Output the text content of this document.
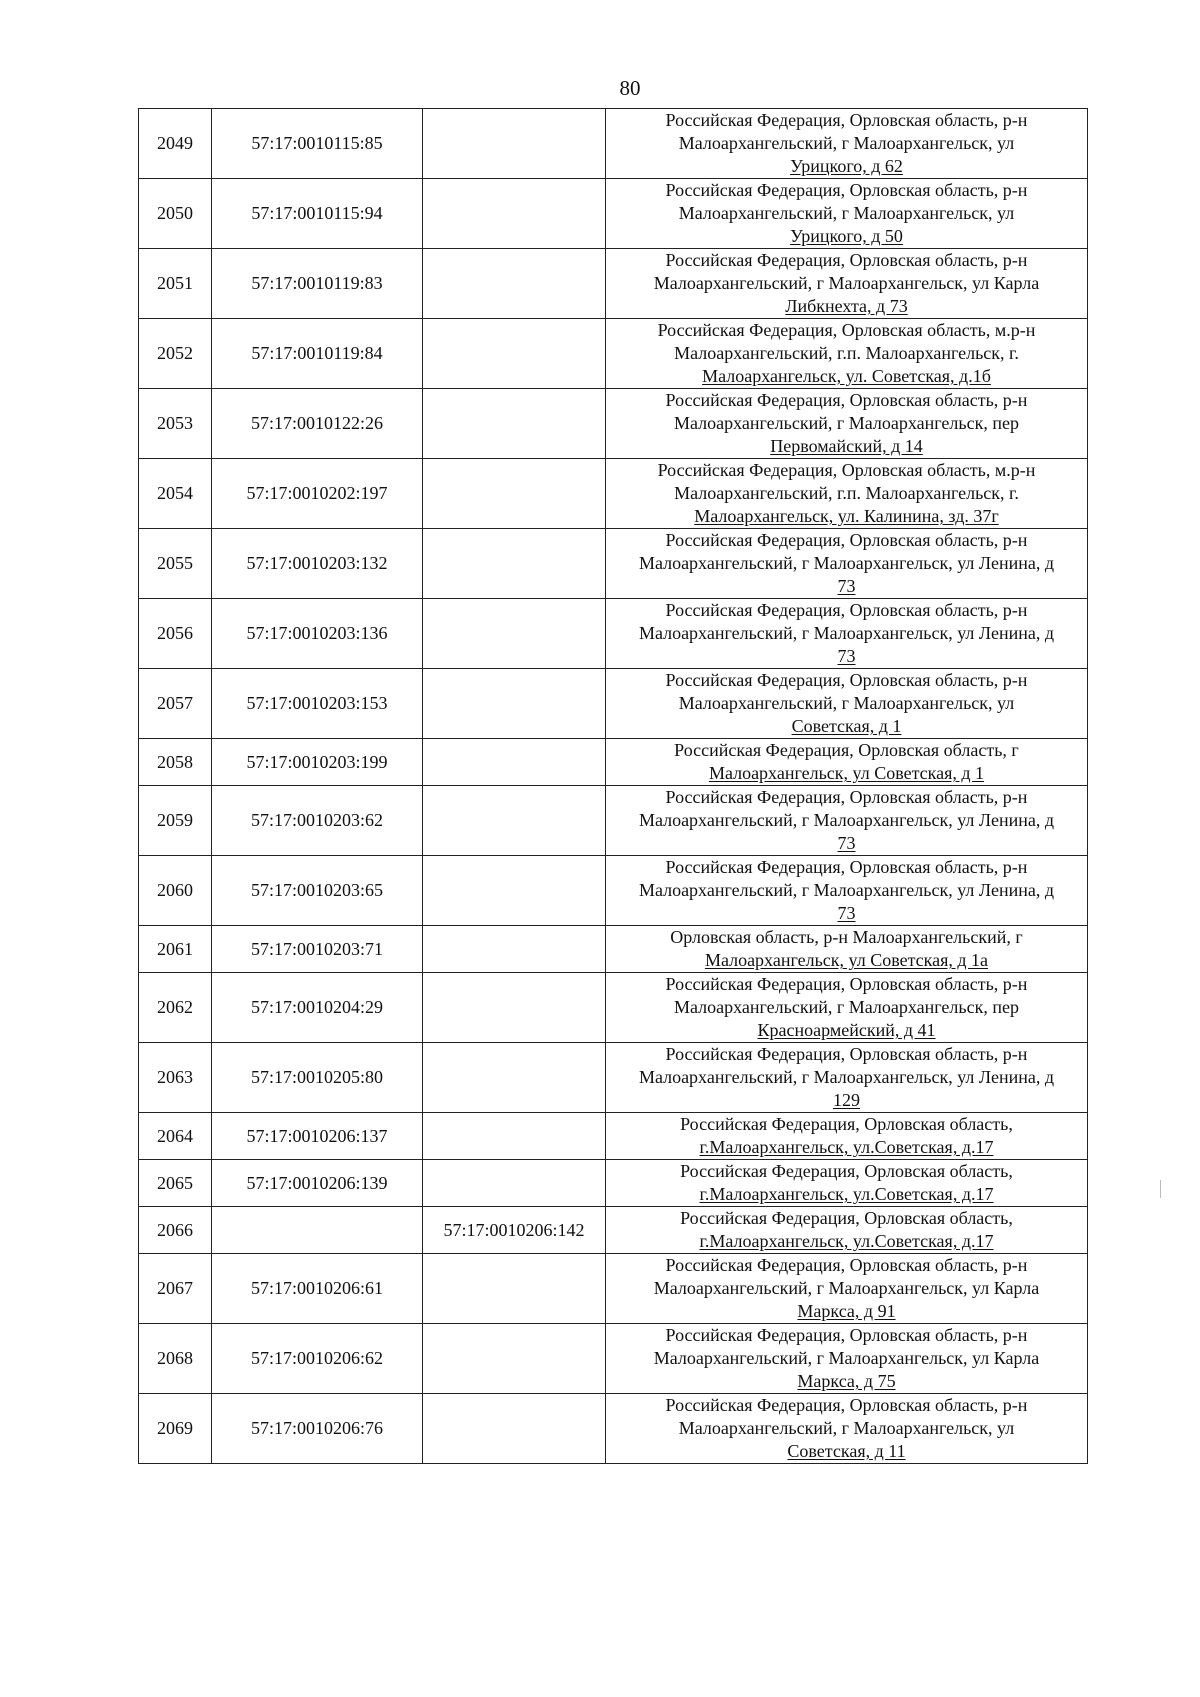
80
2049	57:17:0010115:85		Российская Федерация, Орловская область, р-н
Малоархангельский, г Малоархангельск, ул
Урицкого, д 62

2050	57:17:0010115:94		Российская Федерация, Орловская область, р-н
Малоархангельский, г Малоархангельск, ул
Урицкого, д 50

2051	57:17:0010119:83		Российская Федерация, Орловская область, р-н
Малоархангельский, г Малоархангельск, ул Карла
Либкнехта, д 73

2052	57:17:0010119:84		Российская Федерация, Орловская область, м.р-н
Малоархангельский, г.п. Малоархангельск, г.
Малоархангельск, ул. Советская, д.1б

2053	57:17:0010122:26		Российская Федерация, Орловская область, р-н
Малоархангельский, г Малоархангельск, пер
Первомайский, д 14

2054	57:17:0010202:197		Российская Федерация, Орловская область, м.р-н
Малоархангельский, г.п. Малоархангельск, г.
Малоархангельск, ул. Калинина, зд. 37г

2055	57:17:0010203:132		Российская Федерация, Орловская область, р-н
Малоархангельский, г Малоархангельск, ул Ленина, д
73

2056	57:17:0010203:136		Российская Федерация, Орловская область, р-н
Малоархангельский, г Малоархангельск, ул Ленина, д
73

2057	57:17:0010203:153		Российская Федерация, Орловская область, р-н
Малоархангельский, г Малоархангельск, ул
Советская, д 1

2058	57:17:0010203:199		Российская Федерация, Орловская область, г
Малоархангельск, ул Советская, д 1

2059	57:17:0010203:62		Российская Федерация, Орловская область, р-н
Малоархангельский, г Малоархангельск, ул Ленина, д
73

2060	57:17:0010203:65		Российская Федерация, Орловская область, р-н
Малоархангельский, г Малоархангельск, ул Ленина, д
73

2061	57:17:0010203:71		Орловская область, р-н Малоархангельский, г
Малоархангельск, ул Советская, д 1а

2062	57:17:0010204:29		Российская Федерация, Орловская область, р-н
Малоархангельский, г Малоархангельск, пер
Красноармейский, д 41

2063	57:17:0010205:80		Российская Федерация, Орловская область, р-н
Малоархангельский, г Малоархангельск, ул Ленина, д
129

2064	57:17:0010206:137		Российская Федерация, Орловская область,
г.Малоархангельск, ул.Советская, д.17

2065	57:17:0010206:139		Российская Федерация, Орловская область,
г.Малоархангельск, ул.Советская, д.17

2066		57:17:0010206:142	Российская Федерация, Орловская область,
г.Малоархангельск, ул.Советская, д.17

2067	57:17:0010206:61		Российская Федерация, Орловская область, р-н
Малоархангельский, г Малоархангельск, ул Карла
Маркса, д 91

2068	57:17:0010206:62		Российская Федерация, Орловская область, р-н
Малоархангельский, г Малоархангельск, ул Карла
Маркса, д 75

2069	57:17:0010206:76		Российская Федерация, Орловская область, р-н
Малоархангельский, г Малоархангельск, ул
Советская, д 11
